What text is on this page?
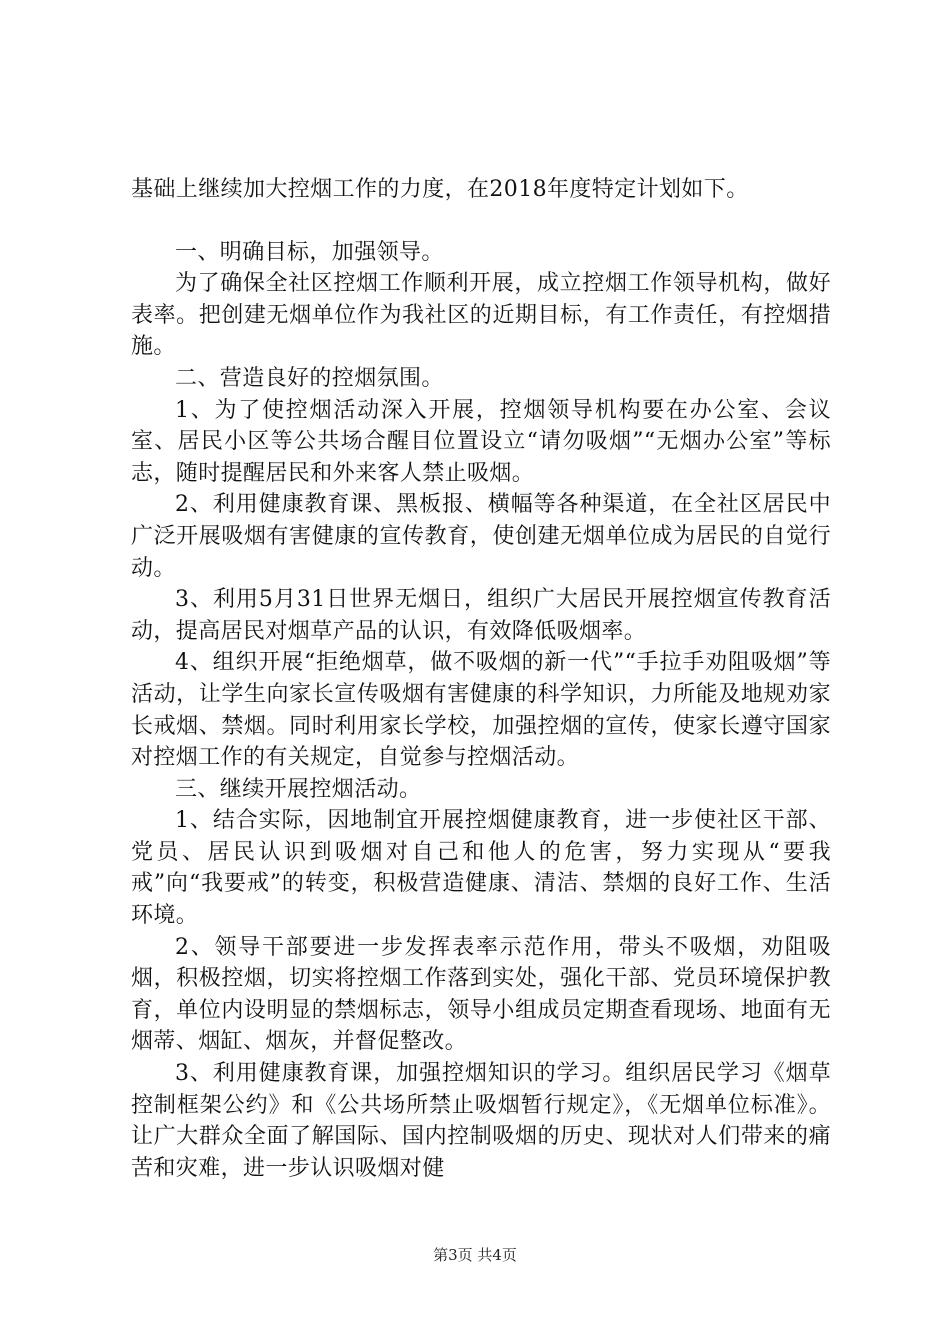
基础上继续加大控烟工作的力度，在2018年度特定计划如下。

一、明确目标，加强领导。

为了确保全社区控烟工作顺利开展，成立控烟工作领导机构，做好表率。把创建无烟单位作为我社区的近期目标，有工作责任，有控烟措施。

二、营造良好的控烟氛围。

1、为了使控烟活动深入开展，控烟领导机构要在办公室、会议室、居民小区等公共场合醒目位置设立“请勿吸烟”“无烟办公室”等标志，随时提醒居民和外来客人禁止吸烟。

2、利用健康教育课、黑板报、横幅等各种渠道，在全社区居民中广泛开展吸烟有害健康的宣传教育，使创建无烟单位成为居民的自觉行动。

3、利用5月31日世界无烟日，组织广大居民开展控烟宣传教育活动，提高居民对烟草产品的认识，有效降低吸烟率。

4、组织开展“拒绝烟草，做不吸烟的新一代”“手拉手劝阻吸烟”等活动，让学生向家长宣传吸烟有害健康的科学知识，力所能及地规劝家长戒烟、禁烟。同时利用家长学校，加强控烟的宣传，使家长遵守国家对控烟工作的有关规定，自觉参与控烟活动。

三、继续开展控烟活动。

1、结合实际，因地制宜开展控烟健康教育，进一步使社区干部、党员、居民认识到吸烟对自己和他人的危害，努力实现从“要我戒”向“我要戒”的转变，积极营造健康、清洁、禁烟的良好工作、生活环境。

2、领导干部要进一步发挥表率示范作用，带头不吸烟，劝阻吸烟，积极控烟，切实将控烟工作落到实处，强化干部、党员环境保护教育，单位内设明显的禁烟标志，领导小组成员定期查看现场、地面有无烟蒂、烟缸、烟灰，并督促整改。

3、利用健康教育课，加强控烟知识的学习。组织居民学习《烟草控制框架公约》和《公共场所禁止吸烟暂行规定》，《无烟单位标准》。让广大群众全面了解国际、国内控制吸烟的历史、现状对人们带来的痛苦和灾难，进一步认识吸烟对健

第3页 共4页
